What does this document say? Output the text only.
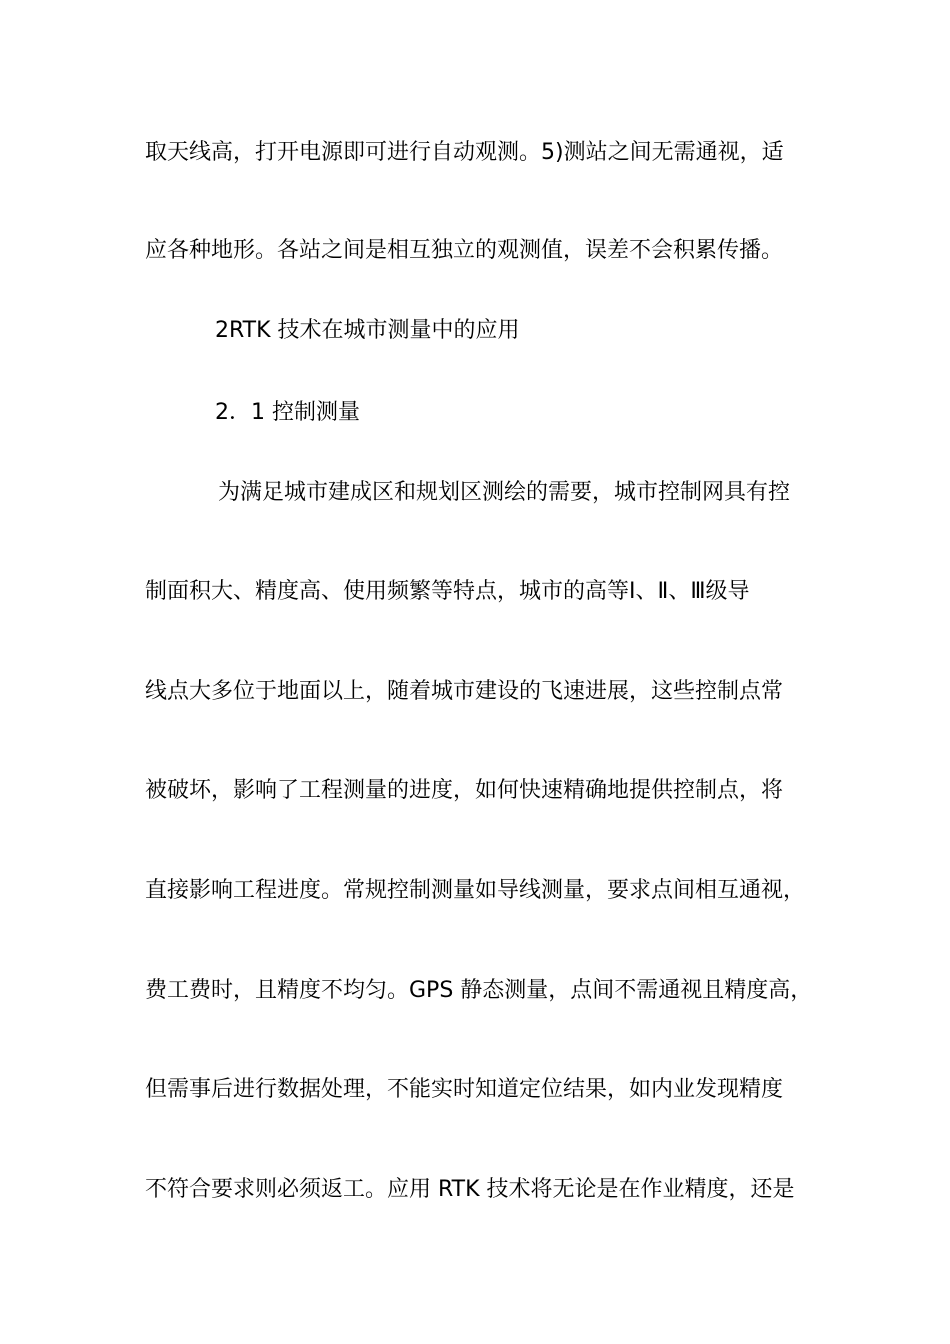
取天线高，打开电源即可进行自动观测。5)测站之间无需通视，适

应各种地形。各站之间是相互独立的观测值，误差不会积累传播。

2RTK 技术在城市测量中的应用

2．1 控制测量

为满足城市建成区和规划区测绘的需要，城市控制网具有控

制面积大、精度高、使用频繁等特点，城市的高等Ⅰ、Ⅱ、Ⅲ级导

线点大多位于地面以上，随着城市建设的飞速进展，这些控制点常

被破坏，影响了工程测量的进度，如何快速精确地提供控制点，将

直接影响工程进度。常规控制测量如导线测量，要求点间相互通视，

费工费时，且精度不均匀。GPS 静态测量，点间不需通视且精度高，

但需事后进行数据处理，不能实时知道定位结果，如内业发现精度

不符合要求则必须返工。应用 RTK 技术将无论是在作业精度，还是
